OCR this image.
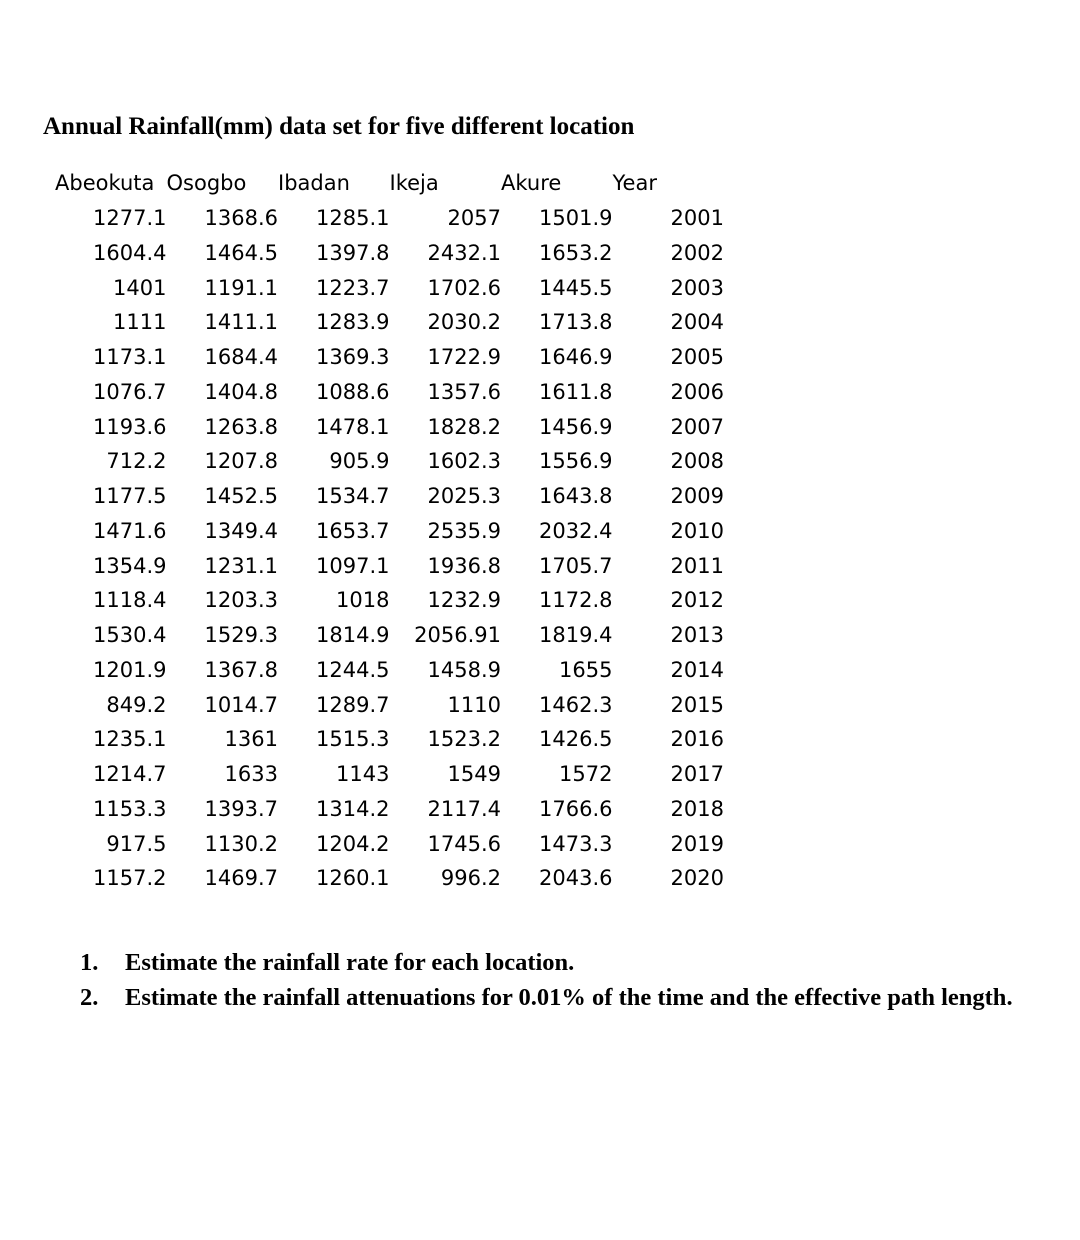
Annual Rainfall(mm) data set for five different location
Abeokuta	Osogbo	Ibadan	Ikeja	Akure	Year
1277.1	1368.6	1285.1	2057	1501.9	2001
1604.4	1464.5	1397.8	2432.1	1653.2	2002
1401	1191.1	1223.7	1702.6	1445.5	2003
1111	1411.1	1283.9	2030.2	1713.8	2004
1173.1	1684.4	1369.3	1722.9	1646.9	2005
1076.7	1404.8	1088.6	1357.6	1611.8	2006
1193.6	1263.8	1478.1	1828.2	1456.9	2007
712.2	1207.8	905.9	1602.3	1556.9	2008
1177.5	1452.5	1534.7	2025.3	1643.8	2009
1471.6	1349.4	1653.7	2535.9	2032.4	2010
1354.9	1231.1	1097.1	1936.8	1705.7	2011
1118.4	1203.3	1018	1232.9	1172.8	2012
1530.4	1529.3	1814.9	2056.91	1819.4	2013
1201.9	1367.8	1244.5	1458.9	1655	2014
849.2	1014.7	1289.7	1110	1462.3	2015
1235.1	1361	1515.3	1523.2	1426.5	2016
1214.7	1633	1143	1549	1572	2017
1153.3	1393.7	1314.2	2117.4	1766.6	2018
917.5	1130.2	1204.2	1745.6	1473.3	2019
1157.2	1469.7	1260.1	996.2	2043.6	2020
1.	Estimate the rainfall rate for each location.
2.	Estimate the rainfall attenuations for 0.01% of the time and the effective path length.
